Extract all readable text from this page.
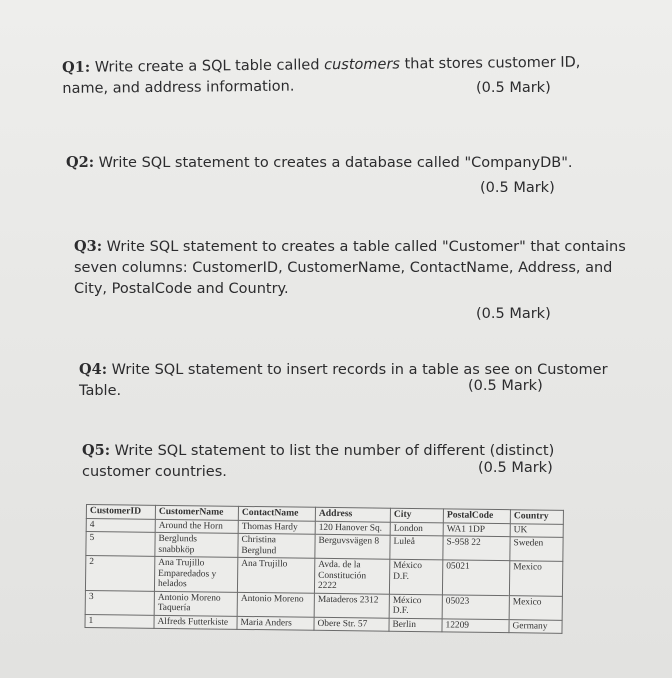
Q1: Write create a SQL table called customers that stores customer ID, name, and address information.	(0.5 Mark)
Q2: Write SQL statement to creates a database called "CompanyDB".
(0.5 Mark)
Q3: Write SQL statement to creates a table called "Customer" that contains seven columns: CustomerID, CustomerName, ContactName, Address, and City, PostalCode and Country.
(0.5 Mark)
Q4: Write SQL statement to insert records in a table as see on Customer Table.	(0.5 Mark)
Q5: Write SQL statement to list the number of different (distinct) customer countries.	(0.5 Mark)
CustomerID	CustomerName	ContactName	Address	City	PostalCode	Country
4	Around the Horn	Thomas Hardy	120 Hanover Sq.	London	WA1 1DP	UK
5	Berglunds snabbköp	Christina Berglund	Berguvsvägen 8	Luleå	S-958 22	Sweden
2	Ana Trujillo Emparedados y helados	Ana Trujillo	Avda. de la Constitución 2222	México D.F.	05021	Mexico
3	Antonio Moreno Taquería	Antonio Moreno	Mataderos 2312	México D.F.	05023	Mexico
1	Alfreds Futterkiste	Maria Anders	Obere Str. 57	Berlin	12209	Germany
